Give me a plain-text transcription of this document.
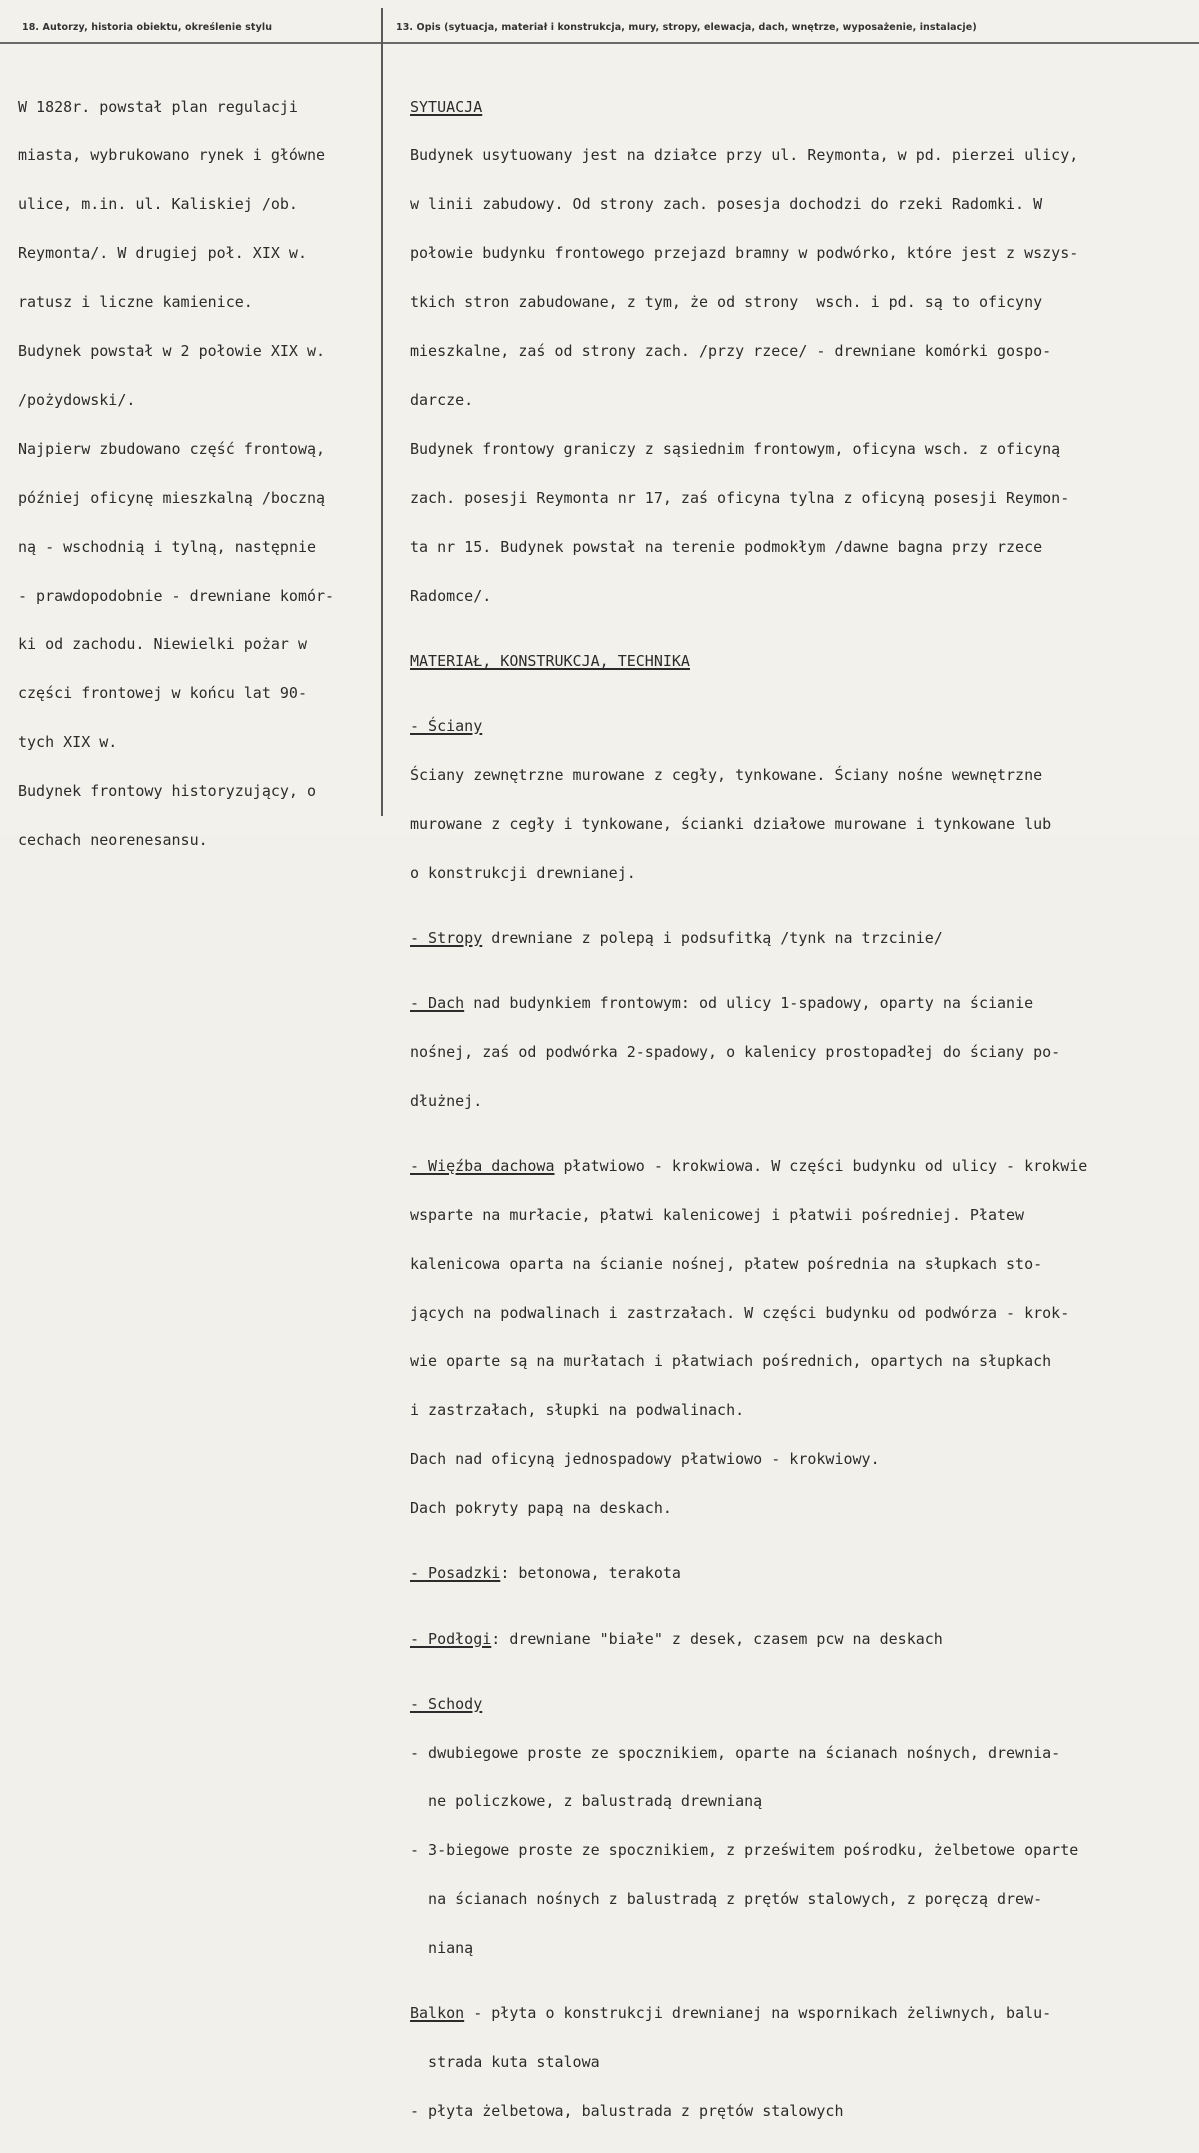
18. Autorzy, historia obiektu, określenie stylu	13. Opis (sytuacja, materiał i konstrukcja, mury, stropy, elewacja, dach, wnętrze, wyposażenie, instalacje)

W 1828r. powstał plan regulacji

miasta, wybrukowano rynek i główne

ulice, m.in. ul. Kaliskiej /ob.

Reymonta/. W drugiej poł. XIX w.

ratusz i liczne kamienice.

Budynek powstał w 2 połowie XIX w.

/pożydowski/.

Najpierw zbudowano część frontową,

później oficynę mieszkalną /boczną

ną - wschodnią i tylną, następnie

- prawdopodobnie - drewniane komór-

ki od zachodu. Niewielki pożar w

części frontowej w końcu lat 90-

tych XIX w.

Budynek frontowy historyzujący, o

cechach neorenesansu.

SYTUACJA

Budynek usytuowany jest na działce przy ul. Reymonta, w pd. pierzei ulicy,

w linii zabudowy. Od strony zach. posesja dochodzi do rzeki Radomki. W

połowie budynku frontowego przejazd bramny w podwórko, które jest z wszys-

tkich stron zabudowane, z tym, że od strony  wsch. i pd. są to oficyny

mieszkalne, zaś od strony zach. /przy rzece/ - drewniane komórki gospo-

darcze.

Budynek frontowy graniczy z sąsiednim frontowym, oficyna wsch. z oficyną

zach. posesji Reymonta nr 17, zaś oficyna tylna z oficyną posesji Reymon-

ta nr 15. Budynek powstał na terenie podmokłym /dawne bagna przy rzece

Radomce/.

MATERIAŁ, KONSTRUKCJA, TECHNIKA

- Ściany

Ściany zewnętrzne murowane z cegły, tynkowane. Ściany nośne wewnętrzne

murowane z cegły i tynkowane, ścianki działowe murowane i tynkowane lub

o konstrukcji drewnianej.

- Stropy drewniane z polepą i podsufitką /tynk na trzcinie/

- Dach nad budynkiem frontowym: od ulicy 1-spadowy, oparty na ścianie

nośnej, zaś od podwórka 2-spadowy, o kalenicy prostopadłej do ściany po-

dłużnej.

- Więźba dachowa płatwiowo - krokwiowa. W części budynku od ulicy - krokwie

wsparte na murłacie, płatwi kalenicowej i płatwii pośredniej. Płatew

kalenicowa oparta na ścianie nośnej, płatew pośrednia na słupkach sto-

jących na podwalinach i zastrzałach. W części budynku od podwórza - krok-

wie oparte są na murłatach i płatwiach pośrednich, opartych na słupkach

i zastrzałach, słupki na podwalinach.

Dach nad oficyną jednospadowy płatwiowo - krokwiowy.

Dach pokryty papą na deskach.

- Posadzki: betonowa, terakota

- Podłogi: drewniane "białe" z desek, czasem pcw na deskach

- Schody

- dwubiegowe proste ze spocznikiem, oparte na ścianach nośnych, drewnia-

ne policzkowe, z balustradą drewnianą

- 3-biegowe proste ze spocznikiem, z prześwitem pośrodku, żelbetowe oparte

na ścianach nośnych z balustradą z prętów stalowych, z poręczą drew-

nianą

Balkon - płyta o konstrukcji drewnianej na wspornikach żeliwnych, balu-

strada kuta stalowa

- płyta żelbetowa, balustrada z prętów stalowych
